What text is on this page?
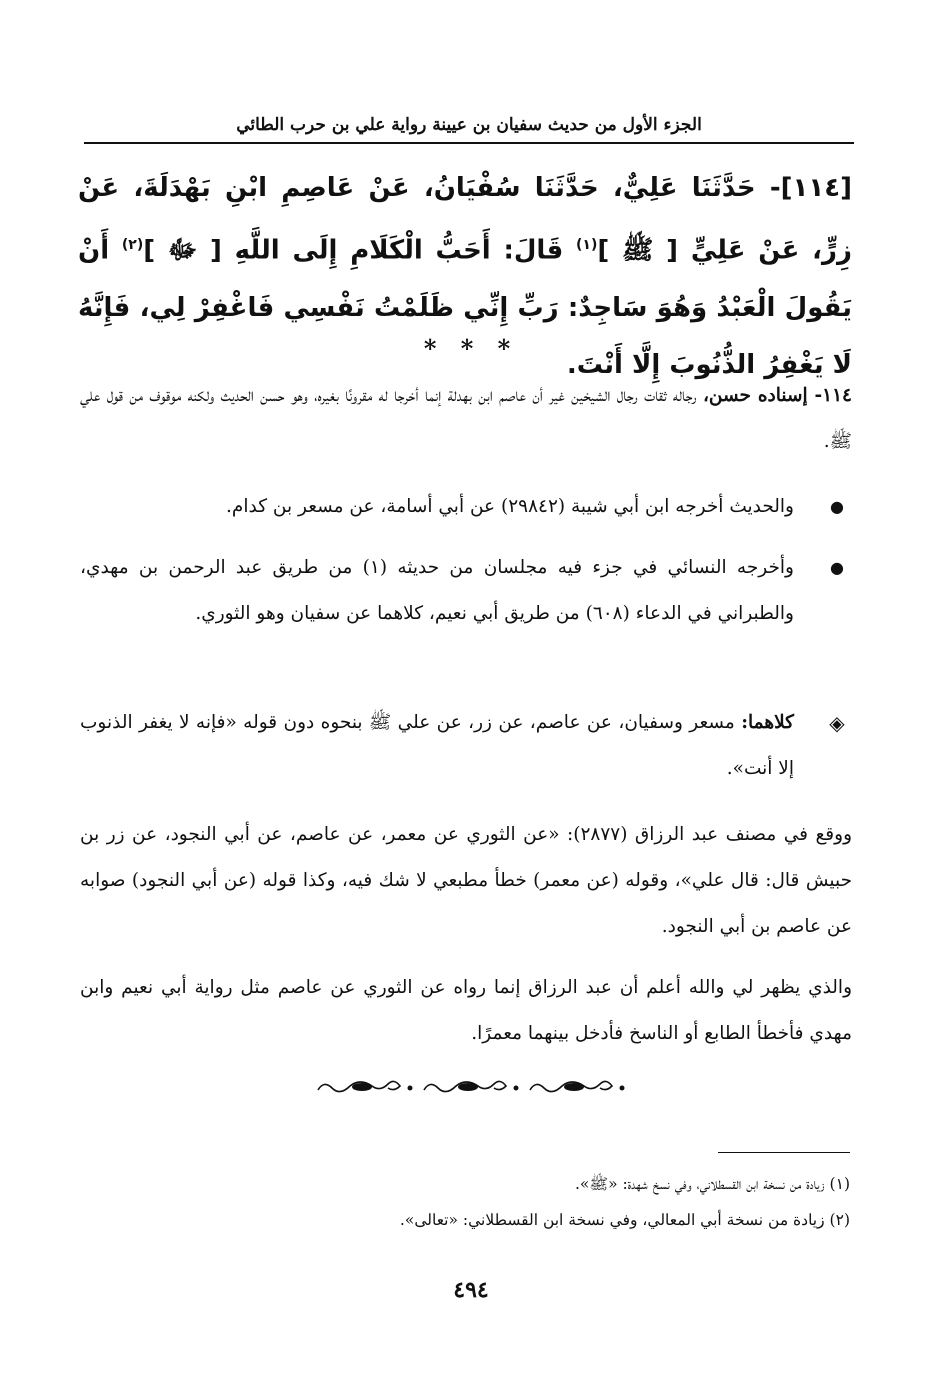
الجزء الأول من حديث سفيان بن عيينة رواية علي بن حرب الطائي
[١١٤]- حَدَّثَنَا عَلِيٌّ، حَدَّثَنَا سُفْيَانُ، عَنْ عَاصِمِ ابْنِ بَهْدَلَةَ، عَنْ زِرٍّ، عَنْ عَلِيٍّ [ ﷺ ]$^{(١)}$ قَالَ: أَحَبُّ الْكَلَامِ إِلَى اللَّهِ [ ﷻ ]$^{(٢)}$ أَنْ يَقُولَ الْعَبْدُ وَهُوَ سَاجِدٌ: رَبِّ إِنِّي ظَلَمْتُ نَفْسِي فَاغْفِرْ لِي، فَإِنَّهُ لَا يَغْفِرُ الذُّنُوبَ إِلَّا أَنْتَ.
* * *
١١٤- إسناده حسن، رجاله ثقات رجال الشيخين غير أن عاصم ابن بهدلة إنما أخرجا له مقرونًا بغيره، وهو حسن الحديث ولكنه موقوف من قول علي ﷺ.
●
والحديث أخرجه ابن أبي شيبة (٢٩٨٤٢) عن أبي أسامة، عن مسعر بن كدام.
●
وأخرجه النسائي في جزء فيه مجلسان من حديثه (١) من طريق عبد الرحمن بن مهدي، والطبراني في الدعاء (٦٠٨) من طريق أبي نعيم، كلاهما عن سفيان وهو الثوري.
◈
كلاهما: مسعر وسفيان، عن عاصم، عن زر، عن علي ﷺ بنحوه دون قوله «فإنه لا يغفر الذنوب إلا أنت».
ووقع في مصنف عبد الرزاق (٢٨٧٧): «عن الثوري عن معمر، عن عاصم، عن أبي النجود، عن زر بن حبيش قال: قال علي»، وقوله (عن معمر) خطأ مطبعي لا شك فيه، وكذا قوله (عن أبي النجود) صوابه عن عاصم بن أبي النجود.
والذي يظهر لي والله أعلم أن عبد الرزاق إنما رواه عن الثوري عن عاصم مثل رواية أبي نعيم وابن مهدي فأخطأ الطابع أو الناسخ فأدخل بينهما معمرًا.
(١) زيادة من نسخة ابن القسطلاني، وفي نسخ شهدة: «ﷺ».
(٢) زيادة من نسخة أبي المعالي، وفي نسخة ابن القسطلاني: «تعالى».
٤٩٤
